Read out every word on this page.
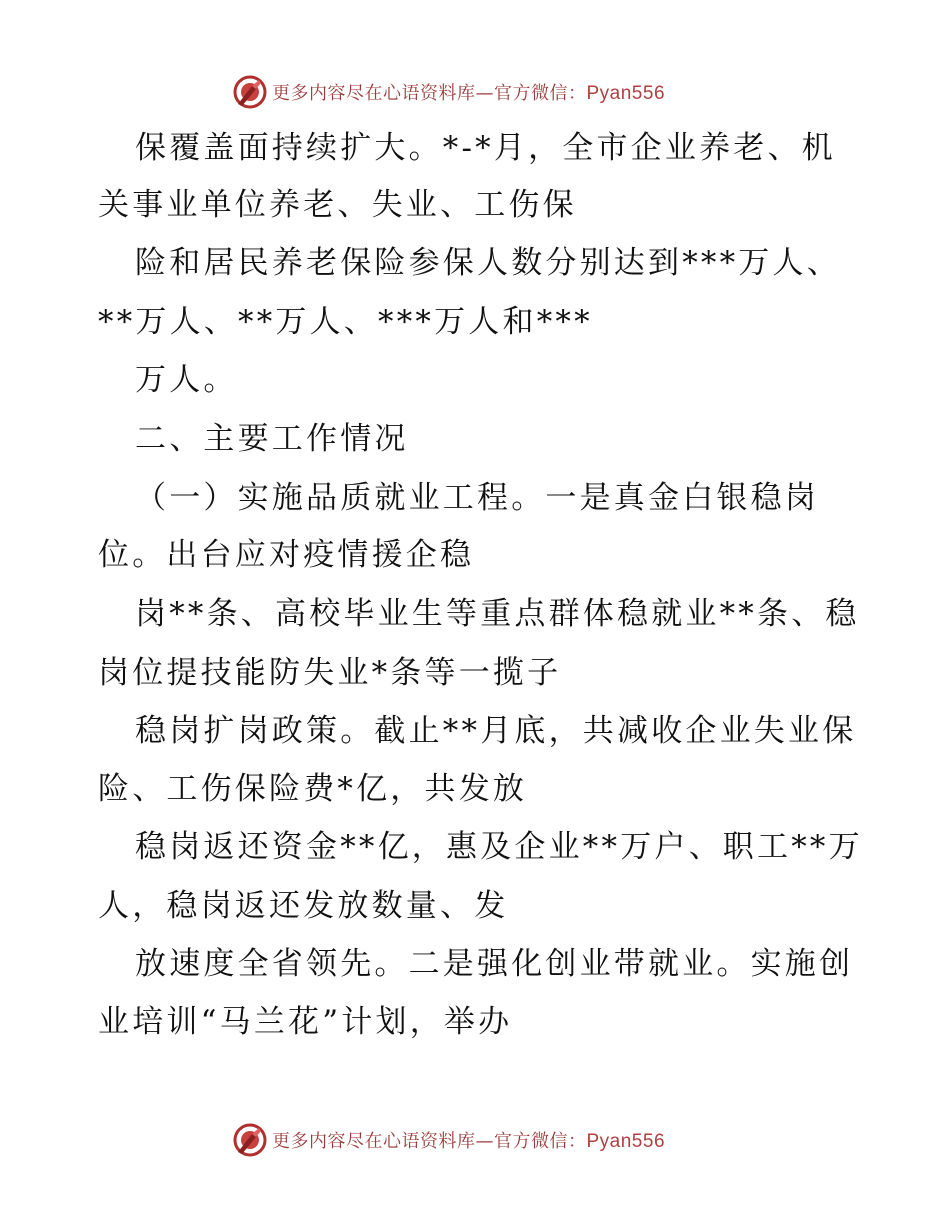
更多内容尽在心语资料库—官方微信：Pyan556
保覆盖面持续扩大。*-*月，全市企业养老、机
关事业单位养老、失业、工伤保
险和居民养老保险参保人数分别达到***万人、
**万人、**万人、***万人和***
万人。
二、主要工作情况
（一）实施品质就业工程。一是真金白银稳岗
位。出台应对疫情援企稳
岗**条、高校毕业生等重点群体稳就业**条、稳
岗位提技能防失业*条等一揽子
稳岗扩岗政策。截止**月底，共减收企业失业保
险、工伤保险费*亿，共发放
稳岗返还资金**亿，惠及企业**万户、职工**万
人，稳岗返还发放数量、发
放速度全省领先。二是强化创业带就业。实施创
业培训“马兰花”计划，举办
更多内容尽在心语资料库—官方微信：Pyan556
